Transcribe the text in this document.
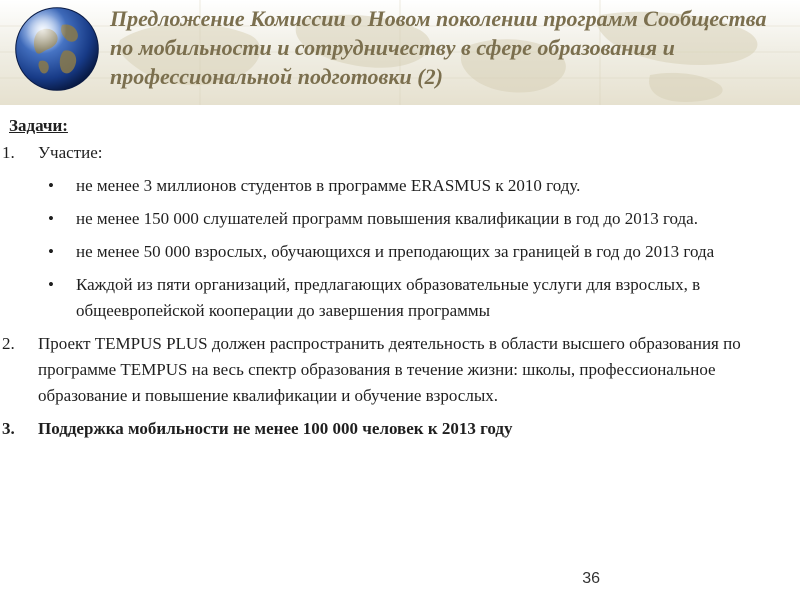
Предложение Комиссии о Новом поколении программ Сообщества по мобильности и сотрудничеству в сфере образования и профессиональной подготовки (2)

Задачи:

1. Участие:
• не менее 3 миллионов студентов в программе ERASMUS к 2010 году.
• не менее 150 000 слушателей программ повышения квалификации в год до 2013 года.
• не менее 50 000 взрослых, обучающихся и преподающих за границей в год до 2013 года
• Каждой из пяти организаций, предлагающих образовательные услуги для взрослых, в общеевропейской кооперации до завершения программы
2. Проект TEMPUS PLUS должен распространить деятельность в области высшего образования по программе TEMPUS на весь спектр образования в течение жизни: школы, профессиональное образование и повышение квалификации и обучение взрослых.
3. Поддержка мобильности не менее 100 000 человек к 2013 году
36
